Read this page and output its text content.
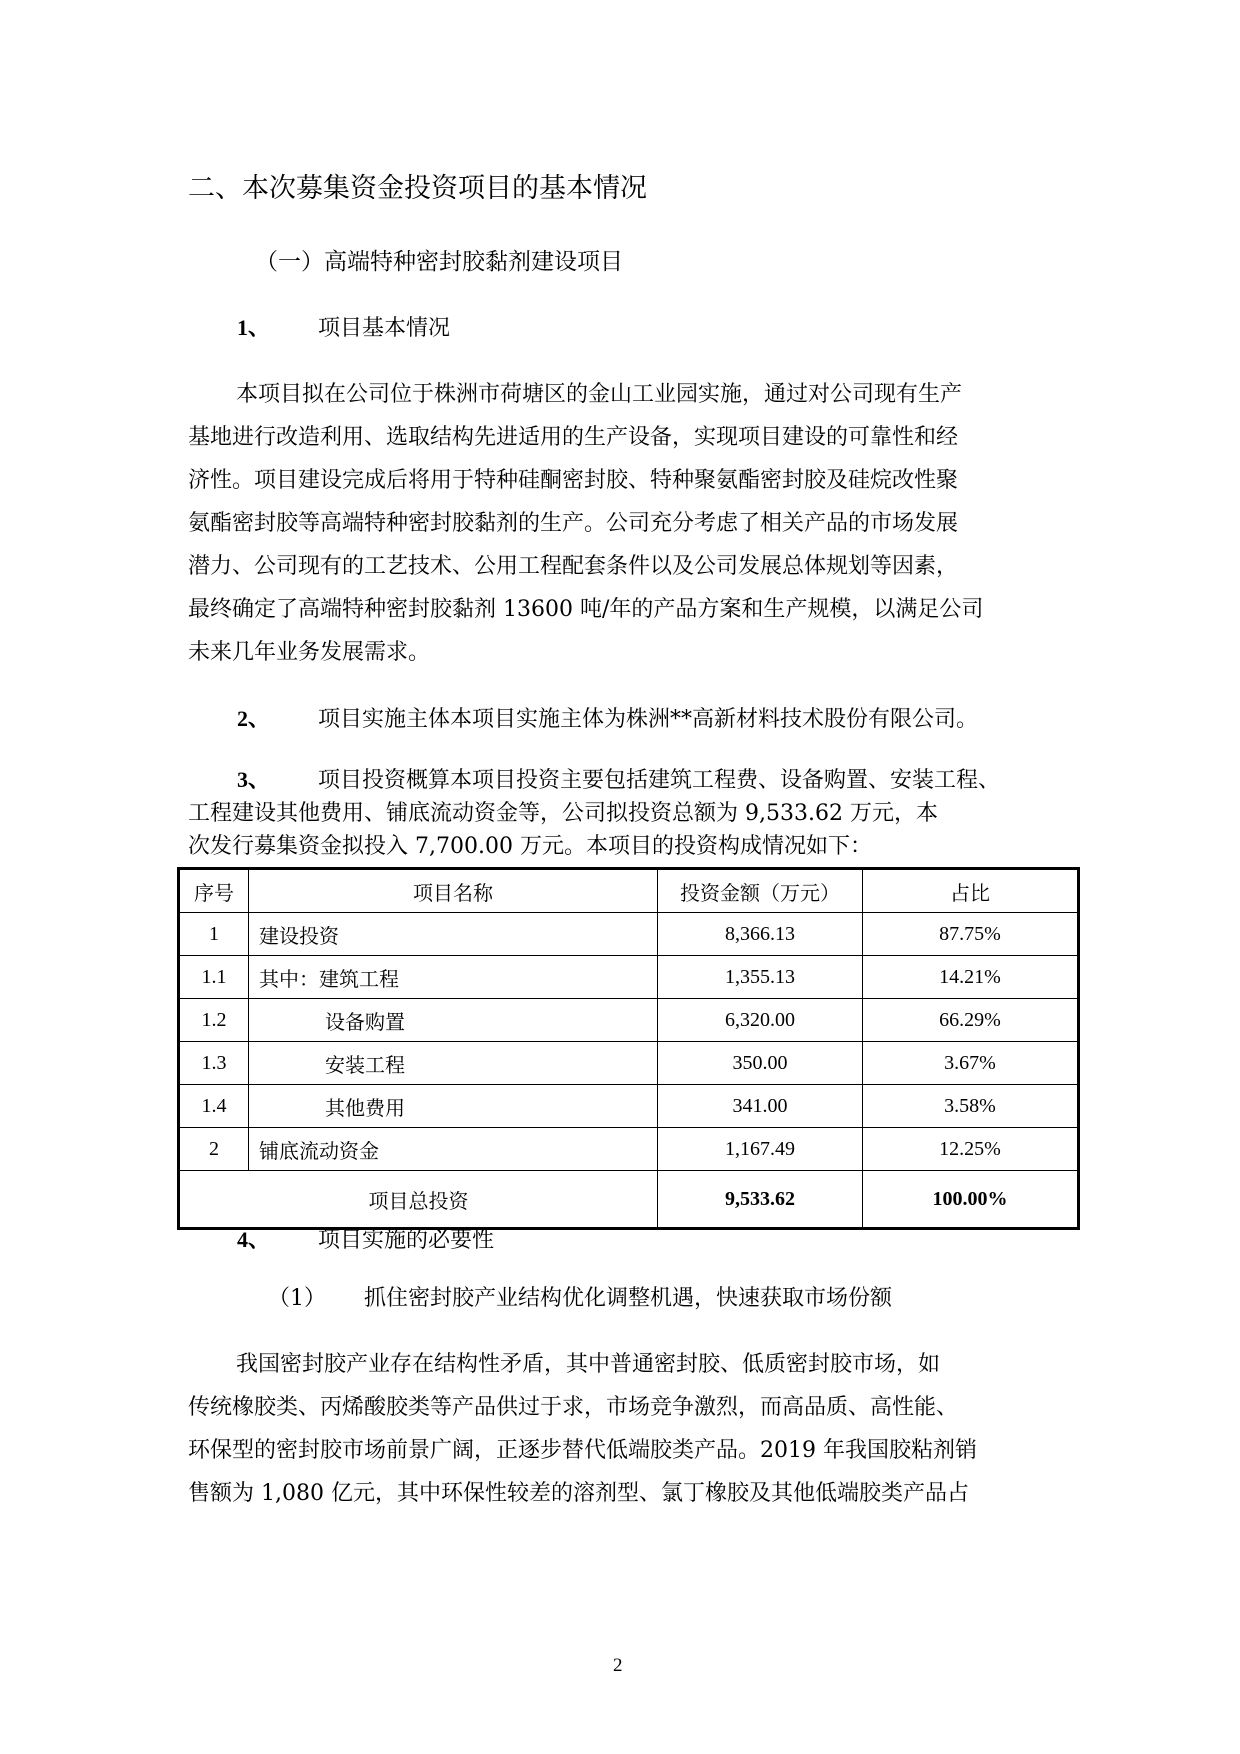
二、本次募集资金投资项目的基本情况
（一）高端特种密封胶黏剂建设项目
1、 项目基本情况
本项目拟在公司位于株洲市荷塘区的金山工业园实施，通过对公司现有生产
基地进行改造利用、选取结构先进适用的生产设备，实现项目建设的可靠性和经
济性。项目建设完成后将用于特种硅酮密封胶、特种聚氨酯密封胶及硅烷改性聚
氨酯密封胶等高端特种密封胶黏剂的生产。公司充分考虑了相关产品的市场发展
潜力、公司现有的工艺技术、公用工程配套条件以及公司发展总体规划等因素，
最终确定了高端特种密封胶黏剂 13600 吨/年的产品方案和生产规模，以满足公司
未来几年业务发展需求。
2、 项目实施主体本项目实施主体为株洲**高新材料技术股份有限公司。
3、 项目投资概算本项目投资主要包括建筑工程费、设备购置、安装工程、
工程建设其他费用、铺底流动资金等，公司拟投资总额为 9,533.62 万元，本
次发行募集资金拟投入 7,700.00 万元。本项目的投资构成情况如下：
序号	项目名称	投资金额（万元）	占比
1	建设投资	8,366.13	87.75%
1.1	其中：建筑工程	1,355.13	14.21%
1.2	设备购置	6,320.00	66.29%
1.3	安装工程	350.00	3.67%
1.4	其他费用	341.00	3.58%
2	铺底流动资金	1,167.49	12.25%
项目总投资		9,533.62	100.00%
4、 项目实施的必要性
（1） 抓住密封胶产业结构优化调整机遇，快速获取市场份额
我国密封胶产业存在结构性矛盾，其中普通密封胶、低质密封胶市场，如
传统橡胶类、丙烯酸胶类等产品供过于求，市场竞争激烈，而高品质、高性能、
环保型的密封胶市场前景广阔，正逐步替代低端胶类产品。2019 年我国胶粘剂销
售额为 1,080 亿元，其中环保性较差的溶剂型、氯丁橡胶及其他低端胶类产品占
2
